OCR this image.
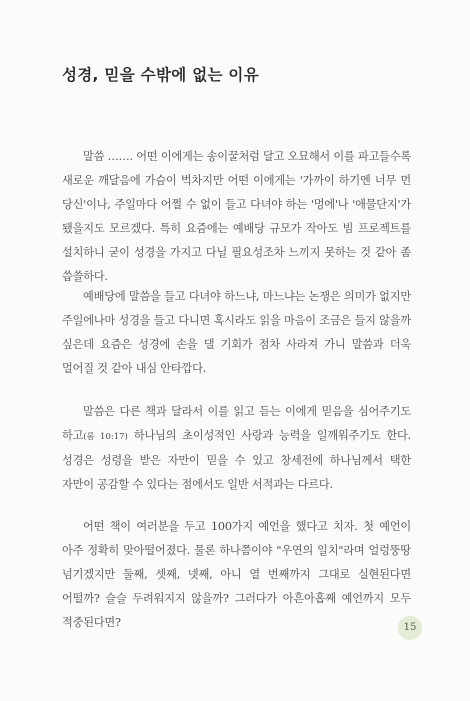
성경, 믿을 수밖에 없는 이유

말씀 ……. 어떤 이에게는 송이꿀처럼 달고 오묘해서 이를 파고들수록 새로운 깨달음에 가슴이 벅차지만 어떤 이에게는 '가까이 하기엔 너무 먼 당신'이나, 주일마다 어쩔 수 없이 들고 다녀야 하는 '멍에'나 '애물단지'가 됐을지도 모르겠다. 특히 요즘에는 예배당 규모가 작아도 빔 프로젝트를 설치하니 굳이 성경을 가지고 다닐 필요성조차 느끼지 못하는 것 같아 좀 씁쓸하다.

예배당에 말씀을 들고 다녀야 하느냐, 마느냐는 논쟁은 의미가 없지만 주일에나마 성경을 들고 다니면 혹시라도 읽을 마음이 조금은 들지 않을까 싶은데 요즘은 성경에 손을 댈 기회가 점차 사라져 가니 말씀과 더욱 멀어질 것 같아 내심 안타깝다.

말씀은 다른 책과 달라서 이를 읽고 듣는 이에게 믿음을 심어주기도 하고(롬 10:17) 하나님의 초이성적인 사랑과 능력을 일깨워주기도 한다. 성경은 성령을 받은 자만이 믿을 수 있고 창세전에 하나님께서 택한 자만이 공감할 수 있다는 점에서도 일반 서적과는 다르다.

어떤 책이 여러분을 두고 100가지 예언을 했다고 치자. 첫 예언이 아주 정확히 맞아떨어졌다. 물론 하나쯤이야 "우연의 일치"라며 얼렁뚱땅 넘기겠지만 둘째, 셋째, 넷째, 아니 열 번째까지 그대로 실현된다면 어떨까? 슬슬 두려워지지 않을까? 그러다가 아흔아홉째 예언까지 모두 적중된다면?	15
